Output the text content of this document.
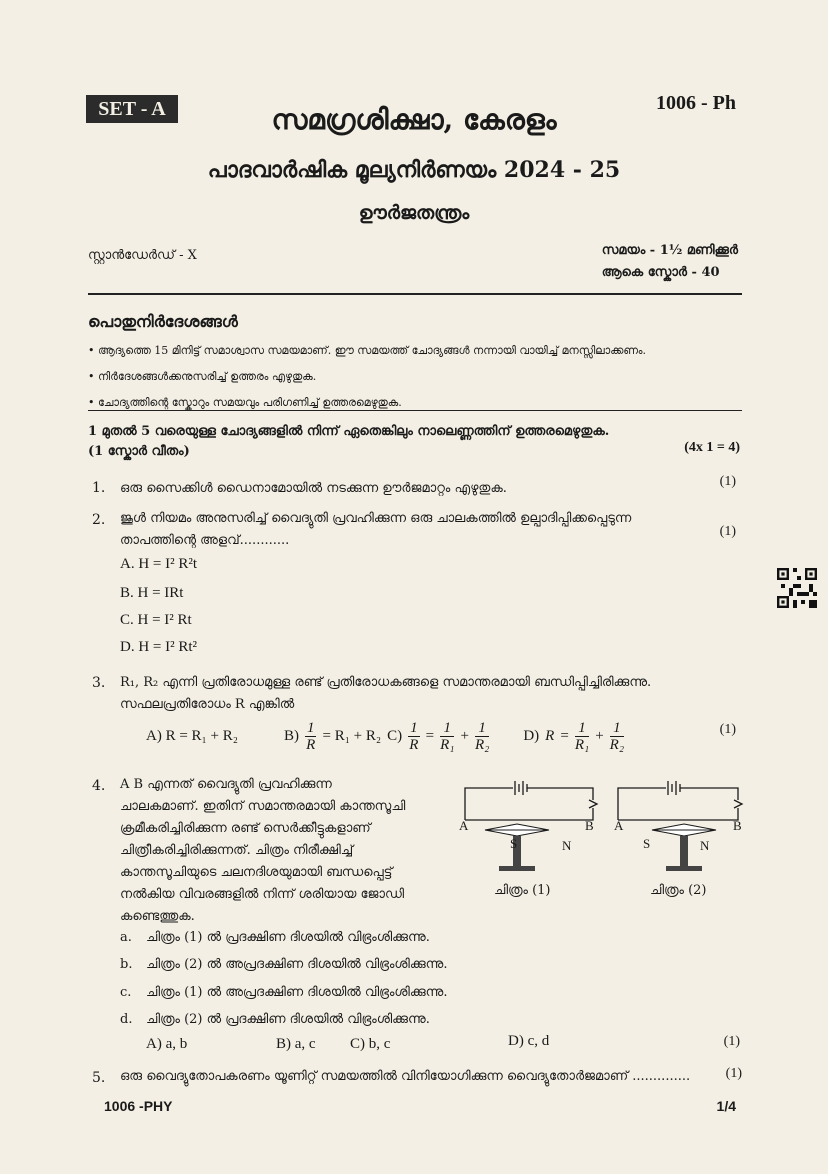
SET - A	1006 - Ph
സമഗ്രശിക്ഷാ, കേരളം
പാദവാർഷിക മൂല്യനിർണയം 2024 - 25
ഊർജതന്ത്രം
സ്റ്റാൻഡേർഡ് - X	സമയം - 1½ മണിക്കൂർ
ആകെ സ്കോർ - 40
പൊതുനിർദേശങ്ങൾ
• ആദ്യത്തെ 15 മിനിട്ട് സമാശ്വാസ സമയമാണ്. ഈ സമയത്ത് ചോദ്യങ്ങൾ നന്നായി വായിച്ച് മനസ്സിലാക്കണം.
• നിർദേശങ്ങൾക്കനുസരിച്ച് ഉത്തരം എഴുതുക.
• ചോദ്യത്തിന്റെ സ്കോറും സമയവും പരിഗണിച്ച് ഉത്തരമെഴുതുക.
1 മുതൽ 5 വരെയുള്ള ചോദ്യങ്ങളിൽ നിന്ന് ഏതെങ്കിലും നാലെണ്ണത്തിന് ഉത്തരമെഴുതുക.
(1 സ്കോർ വീതം)	(4x 1 = 4)
1. ഒരു സൈക്കിൾ ഡൈനാമോയിൽ നടക്കുന്ന ഊർജമാറ്റം എഴുതുക.	(1)
2. ജൂൾ നിയമം അനുസരിച്ച് വൈദ്യുതി പ്രവഹിക്കുന്ന ഒരു ചാലകത്തിൽ ഉല്പാദിപ്പിക്കപ്പെടുന്ന
താപത്തിന്റെ അളവ്............
(1)
A. H = I² R²t
B. H = IRt
C. H = I² Rt
D. H = I² Rt²
3. R₁, R₂ എന്നി പ്രതിരോധമുള്ള രണ്ട് പ്രതിരോധകങ്ങളെ സമാന്തരമായി ബന്ധിപ്പിച്ചിരിക്കുന്നു.
സഫലപ്രതിരോധം R എങ്കിൽ
A) R = R₁ + R₂	$B) \frac{1}{R} = R_1 + R_2$ $C) \frac{1}{R} = \frac{1}{\text{R₁}} + \frac{1}{\text{R₂}} D$) $R = \frac{1}{\text{R₁}} + \frac{1}{\text{R₂}}$	(1)
4. A B എന്നത് വൈദ്യുതി പ്രവഹിക്കുന്ന
ചാലകമാണ്. ഇതിന് സമാന്തരമായി കാന്തസൂചി
ക്രമീകരിച്ചിരിക്കുന്ന രണ്ട് സെർക്കീട്ടുകളാണ്
ചിത്രീകരിച്ചിരിക്കുന്നത്. ചിത്രം നിരീക്ഷിച്ച്
കാന്തസൂചിയുടെ ചലനദിശയുമായി ബന്ധപ്പെട്ട്
നൽകിയ വിവരങ്ങളിൽ നിന്ന് ശരിയായ ജോഡി
കണ്ടെത്തുക.
A	B
S	N
ചിത്രം (1)
A	B
S	N
ചിത്രം (2)
a. ചിത്രം (1) ൽ പ്രദക്ഷിണ ദിശയിൽ വിഭ്രംശിക്കുന്നു.
b. ചിത്രം (2) ൽ അപ്രദക്ഷിണ ദിശയിൽ വിഭ്രംശിക്കുന്നു.
c. ചിത്രം (1) ൽ അപ്രദക്ഷിണ ദിശയിൽ വിഭ്രംശിക്കുന്നു.
d. ചിത്രം (2) ൽ പ്രദക്ഷിണ ദിശയിൽ വിഭ്രംശിക്കുന്നു.
A) a, b	B) a, c C) b, c	D) c, d	(1)
5. ഒരു വൈദ്യുതോപകരണം യൂണിറ്റ് സമയത്തിൽ വിനിയോഗിക്കുന്ന വൈദ്യുതോർജമാണ് ..............	(1)
1006 -PHY	1/4
